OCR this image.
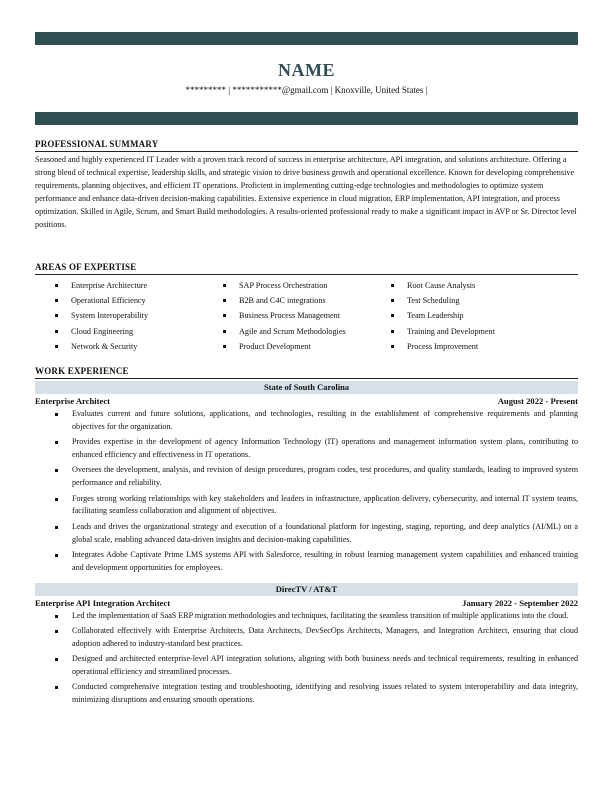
NAME
********* | ***********@gmail.com | Knoxville, United States |
PROFESSIONAL SUMMARY
Seasoned and highly experienced IT Leader with a proven track record of success in enterprise architecture, API integration, and solutions architecture. Offering a strong blend of technical expertise, leadership skills, and strategic vision to drive business growth and operational excellence. Known for developing comprehensive requirements, planning objectives, and efficient IT operations. Proficient in implementing cutting-edge technologies and methodologies to optimize system performance and enhance data-driven decision-making capabilities. Extensive experience in cloud migration, ERP implementation, API integration, and process optimization. Skilled in Agile, Scrum, and Smart Build methodologies. A results-oriented professional ready to make a significant impact in AVP or Sr. Director level positions.
AREAS OF EXPERTISE
Enterprise Architecture	SAP Process Orchestration	Root Cause Analysis
Operational Efficiency	B2B and C4C integrations	Test Scheduling
System Interoperability	Business Process Management	Team Leadership
Cloud Engineering	Agile and Scrum Methodologies	Training and Development
Network & Security	Product Development	Process Improvement
WORK EXPERIENCE
State of South Carolina
Enterprise Architect	August 2022 - Present
Evaluates current and future solutions, applications, and technologies, resulting in the establishment of comprehensive requirements and planning objectives for the organization.
Provides expertise in the development of agency Information Technology (IT) operations and management information system plans, contributing to enhanced efficiency and effectiveness in IT operations.
Oversees the development, analysis, and revision of design procedures, program codes, test procedures, and quality standards, leading to improved system performance and reliability.
Forges strong working relationships with key stakeholders and leaders in infrastructure, application delivery, cybersecurity, and internal IT system teams, facilitating seamless collaboration and alignment of objectives.
Leads and drives the organizational strategy and execution of a foundational platform for ingesting, staging, reporting, and deep analytics (AI/ML) on a global scale, enabling advanced data-driven insights and decision-making capabilities.
Integrates Adobe Captivate Prime LMS systems API with Salesforce, resulting in robust learning management system capabilities and enhanced training and development opportunities for employees.
DirecTV / AT&T
Enterprise API Integration Architect	January 2022 - September 2022
Led the implementation of SaaS ERP migration methodologies and techniques, facilitating the seamless transition of multiple applications into the cloud.
Collaborated effectively with Enterprise Architects, Data Architects, DevSecOps Architects, Managers, and Integration Architect, ensuring that cloud adoption adhered to industry-standard best practices.
Designed and architected enterprise-level API integration solutions, aligning with both business needs and technical requirements, resulting in enhanced operational efficiency and streamlined processes.
Conducted comprehensive integration testing and troubleshooting, identifying and resolving issues related to system interoperability and data integrity, minimizing disruptions and ensuring smooth operations.
